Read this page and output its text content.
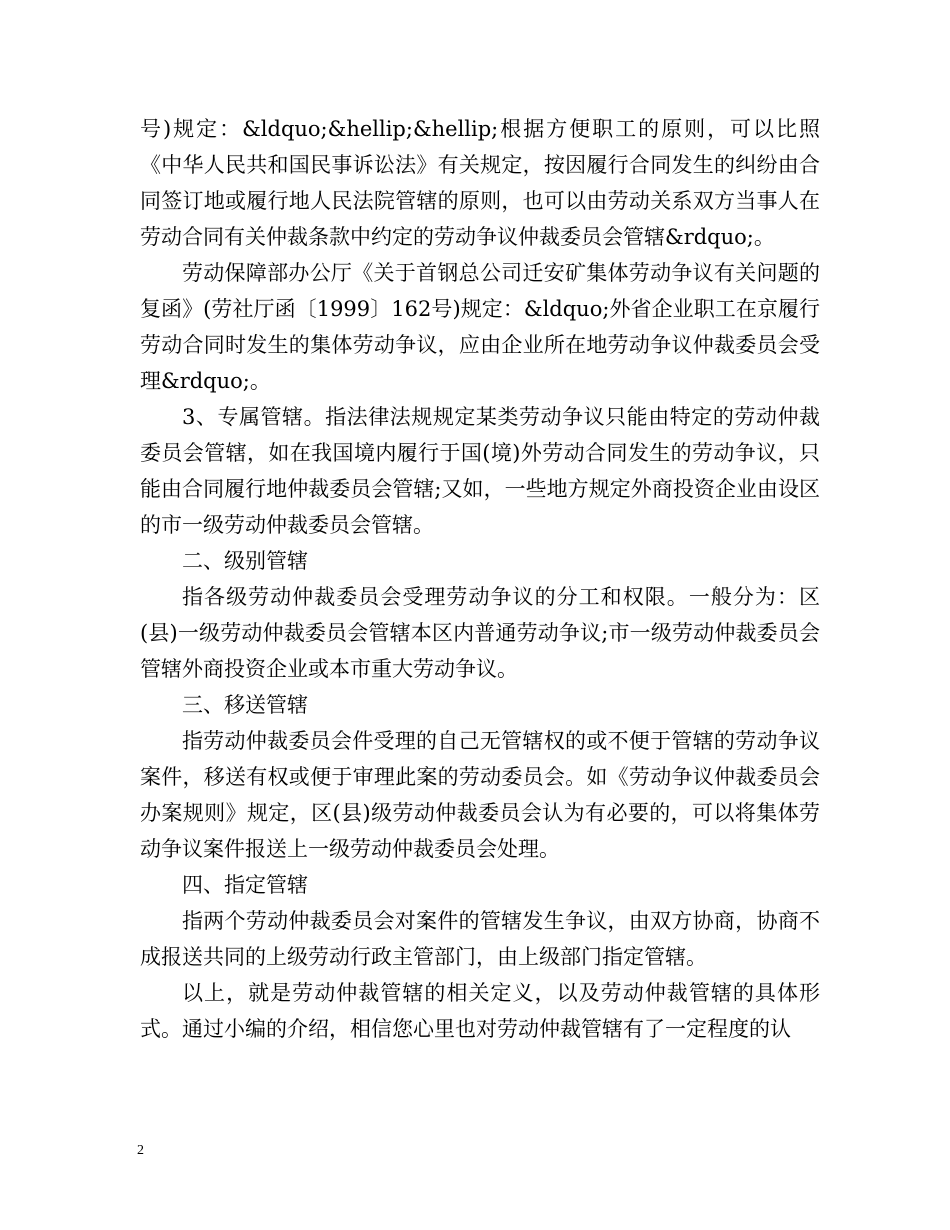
号)规定：&ldquo;&hellip;&hellip;根据方便职工的原则，可以比照《中华人民共和国民事诉讼法》有关规定，按因履行合同发生的纠纷由合同签订地或履行地人民法院管辖的原则，也可以由劳动关系双方当事人在劳动合同有关仲裁条款中约定的劳动争议仲裁委员会管辖&rdquo;。

劳动保障部办公厅《关于首钢总公司迁安矿集体劳动争议有关问题的复函》(劳社厅函〔1999〕162号)规定：&ldquo;外省企业职工在京履行劳动合同时发生的集体劳动争议，应由企业所在地劳动争议仲裁委员会受理&rdquo;。

3、专属管辖。指法律法规规定某类劳动争议只能由特定的劳动仲裁委员会管辖，如在我国境内履行于国(境)外劳动合同发生的劳动争议，只能由合同履行地仲裁委员会管辖;又如，一些地方规定外商投资企业由设区的市一级劳动仲裁委员会管辖。

二、级别管辖

指各级劳动仲裁委员会受理劳动争议的分工和权限。一般分为：区(县)一级劳动仲裁委员会管辖本区内普通劳动争议;市一级劳动仲裁委员会管辖外商投资企业或本市重大劳动争议。

三、移送管辖

指劳动仲裁委员会件受理的自己无管辖权的或不便于管辖的劳动争议案件，移送有权或便于审理此案的劳动委员会。如《劳动争议仲裁委员会办案规则》规定，区(县)级劳动仲裁委员会认为有必要的，可以将集体劳动争议案件报送上一级劳动仲裁委员会处理。

四、指定管辖

指两个劳动仲裁委员会对案件的管辖发生争议，由双方协商，协商不成报送共同的上级劳动行政主管部门，由上级部门指定管辖。

以上，就是劳动仲裁管辖的相关定义，以及劳动仲裁管辖的具体形式。通过小编的介绍，相信您心里也对劳动仲裁管辖有了一定程度的认

2
